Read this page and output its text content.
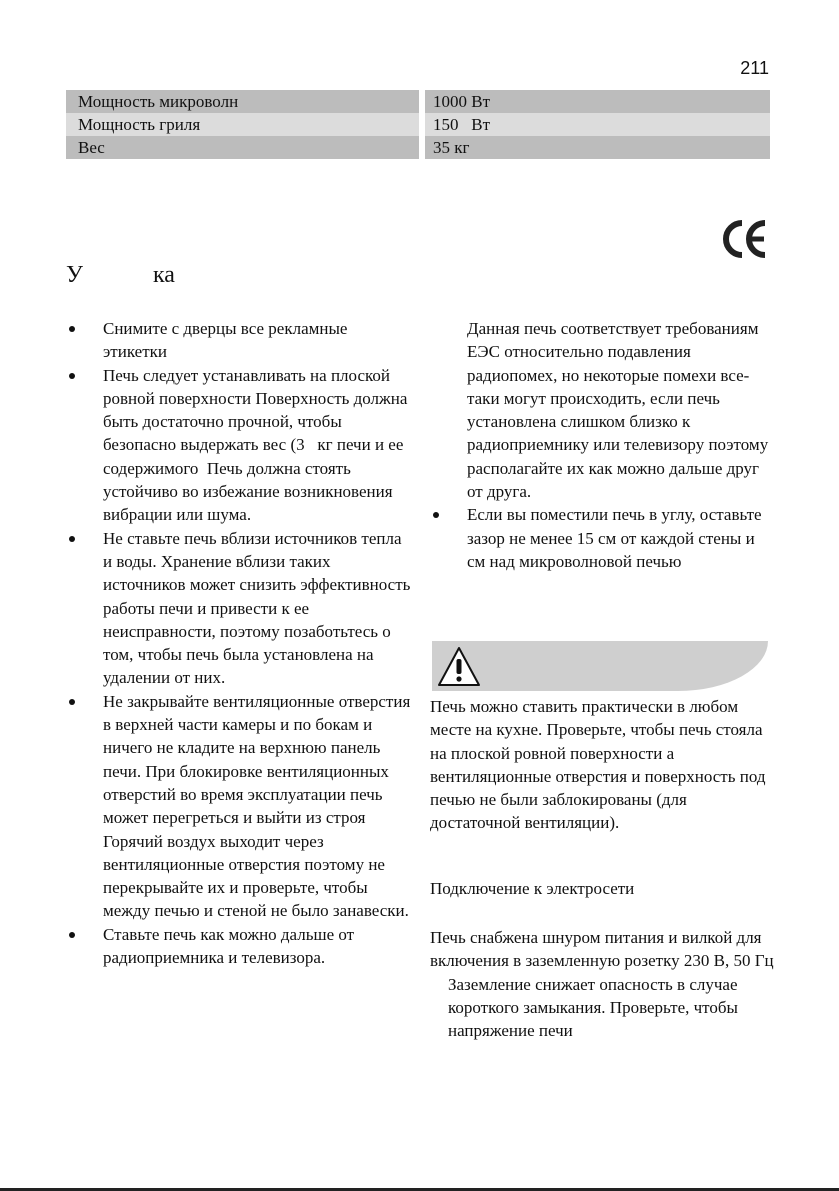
211
Мощность микроволн	1000 Вт
Мощность гриля	150   Вт
Вес	35 кг
У	ка
Снимите с дверцы все рекламные этикетки
Печь следует устанавливать на плоской ровной поверхности Поверхность должна быть достаточно прочной, чтобы безопасно выдержать вес (3   кг печи и ее содержимого  Печь должна стоять устойчиво во избежание возникновения вибрации или шума.
Не ставьте печь вблизи источников тепла и воды. Хранение вблизи таких источников может снизить эффективность работы печи и привести к ее неисправности, поэтому позаботьтесь о том, чтобы печь была установлена на удалении от них.
Не закрывайте вентиляционные отверстия в верхней части камеры и по бокам и ничего не кладите на верхнюю панель печи. При блокировке вентиляционных отверстий во время эксплуатации печь может перегреться и выйти из строя Горячий воздух выходит через вентиляционные отверстия поэтому не перекрывайте их и проверьте, чтобы между печью и стеной не было занавески.
Ставьте печь как можно дальше от радиоприемника и телевизора.
Данная печь соответствует требованиям ЕЭС относительно подавления радиопомех, но некоторые помехи все-таки могут происходить, если печь установлена слишком близко к радиоприемнику или телевизору поэтому располагайте их как можно дальше друг от друга.
Если вы поместили печь в углу, оставьте зазор не менее 15 см от каждой стены и      см над микроволновой печью
Печь можно ставить практически в любом месте на кухне. Проверьте, чтобы печь стояла на плоской ровной поверхности а вентиляционные отверстия и поверхность под печью не были заблокированы (для достаточной вентиляции).
Подключение к электросети
Печь снабжена шнуром питания и вилкой для включения в заземленную розетку 230 В, 50 Гц
Заземление снижает опасность в случае короткого замыкания. Проверьте, чтобы напряжение печи
